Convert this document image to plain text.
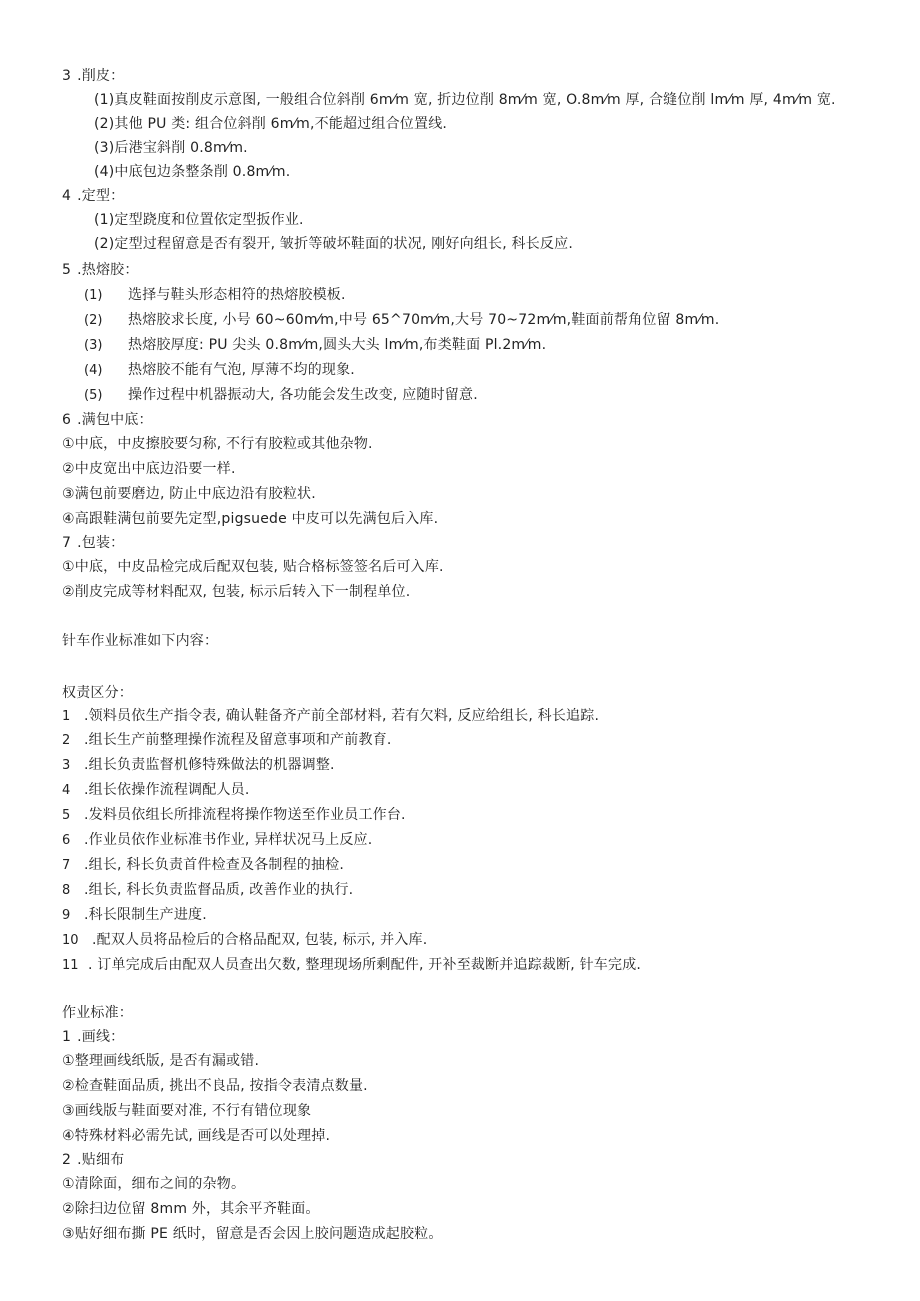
3 .削皮：
(1)真皮鞋面按削皮示意图, 一般组合位斜削 6m⁄m 宽, 折边位削 8m⁄m 宽, O.8m⁄m 厚, 合缝位削 lm⁄m 厚, 4m⁄m 宽.
(2)其他 PU 类: 组合位斜削 6m⁄m,不能超过组合位置线.
(3)后港宝斜削 0.8m⁄m.
(4)中底包边条整条削 0.8m⁄m.
4 .定型：
(1)定型跷度和位置依定型扳作业.
(2)定型过程留意是否有裂开, 皱折等破坏鞋面的状况, 刚好向组长, 科长反应.
5 .热熔胶：
(1) 选择与鞋头形态相符的热熔胶模板.
(2) 热熔胶求长度, 小号 60~60m⁄m,中号 65^70m⁄m,大号 70~72m⁄m,鞋面前帮角位留 8m⁄m.
(3) 热熔胶厚度: PU 尖头 0.8m⁄m,圆头大头 lm⁄m,布类鞋面 Pl.2m⁄m.
(4) 热熔胶不能有气泡, 厚薄不均的现象.
(5) 操作过程中机器振动大, 各功能会发生改变, 应随时留意.
6 .满包中底：
①中底，中皮擦胶要匀称, 不行有胶粒或其他杂物.
②中皮宽出中底边沿要一样.
③满包前要磨边, 防止中底边沿有胶粒状.
④高跟鞋满包前要先定型,pigsuede 中皮可以先满包后入库.
7 .包装：
①中底，中皮品检完成后配双包装, 贴合格标签签名后可入库.
②削皮完成等材料配双, 包装, 标示后转入下一制程单位.
针车作业标准如下内容：
权责区分：
1 .领料员依生产指令表, 确认鞋备齐产前全部材料, 若有欠料, 反应给组长, 科长追踪.
2 .组长生产前整理操作流程及留意事项和产前教育.
3 .组长负责监督机修特殊做法的机器调整.
4 .组长依操作流程调配人员.
5 .发料员依组长所排流程将操作物送至作业员工作台.
6 .作业员依作业标准书作业, 异样状况马上反应.
7 .组长, 科长负责首件检查及各制程的抽检.
8 .组长, 科长负责监督品质, 改善作业的执行.
9 .科长限制生产进度.
10 .配双人员将品检后的合格品配双, 包装, 标示, 并入库.
11 . 订单完成后由配双人员查出欠数, 整理现场所剩配件, 开补至裁断并追踪裁断, 针车完成.
作业标准：
1 .画线：
①整理画线纸版, 是否有漏或错.
②检查鞋面品质, 挑出不良品, 按指令表清点数量.
③画线版与鞋面要对准, 不行有错位现象
④特殊材料必需先试, 画线是否可以处理掉.
2 .贴细布
①清除面，细布之间的杂物。
②除扫边位留 8mm 外，其余平齐鞋面。
③贴好细布撕 PE 纸时，留意是否会因上胶问题造成起胶粒。
